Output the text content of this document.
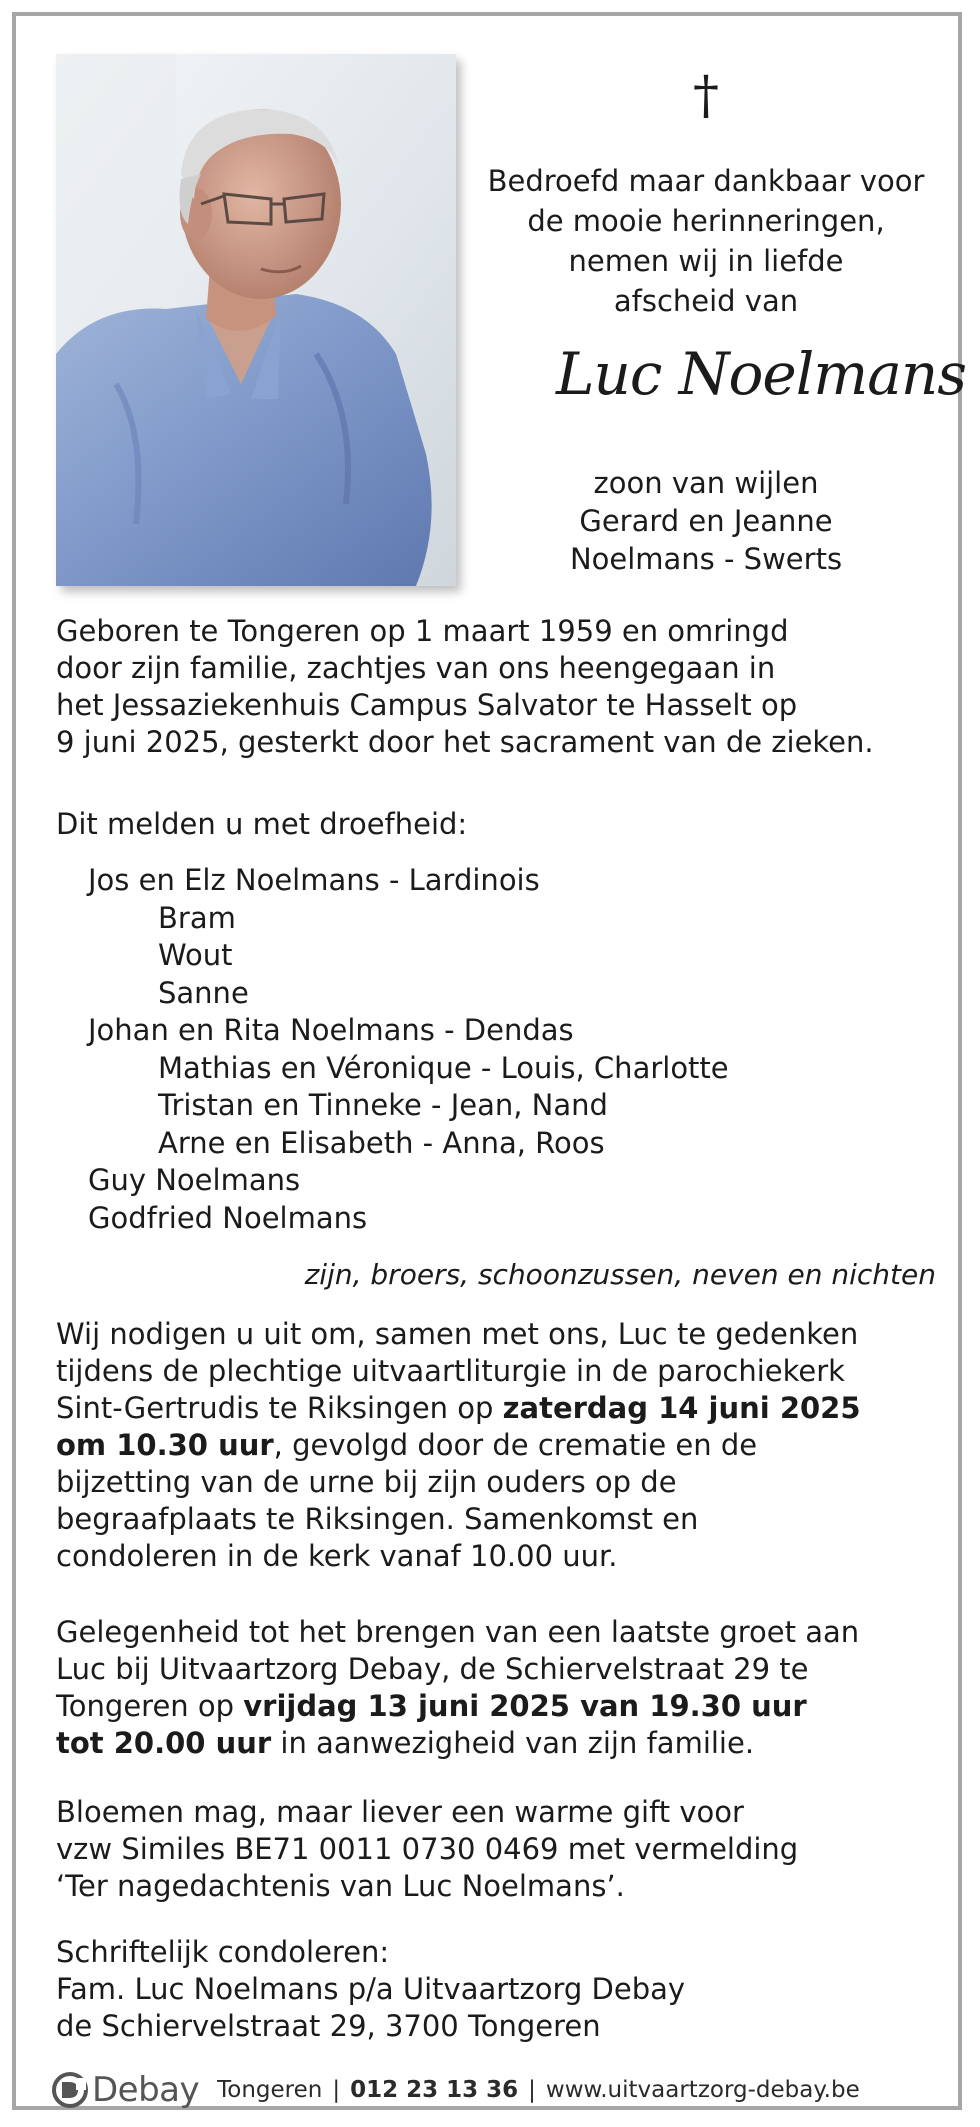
†
Bedroefd maar dankbaar voor
de mooie herinneringen,
nemen wij in liefde
afscheid van
Luc Noelmans
zoon van wijlen
Gerard en Jeanne
Noelmans - Swerts
Geboren te Tongeren op 1 maart 1959 en omringd
door zijn familie, zachtjes van ons heengegaan in
het Jessaziekenhuis Campus Salvator te Hasselt op
9 juni 2025, gesterkt door het sacrament van de zieken.
Dit melden u met droefheid:
Jos en Elz Noelmans - Lardinois
Bram
Wout
Sanne
Johan en Rita Noelmans - Dendas
Mathias en Véronique - Louis, Charlotte
Tristan en Tinneke - Jean, Nand
Arne en Elisabeth - Anna, Roos
Guy Noelmans
Godfried Noelmans
zijn, broers, schoonzussen, neven en nichten
Wij nodigen u uit om, samen met ons, Luc te gedenken
tijdens de plechtige uitvaartliturgie in de parochiekerk
Sint-Gertrudis te Riksingen op zaterdag 14 juni 2025
om 10.30 uur, gevolgd door de crematie en de
bijzetting van de urne bij zijn ouders op de
begraafplaats te Riksingen. Samenkomst en
condoleren in de kerk vanaf 10.00 uur.
Gelegenheid tot het brengen van een laatste groet aan
Luc bij Uitvaartzorg Debay, de Schiervelstraat 29 te
Tongeren op vrijdag 13 juni 2025 van 19.30 uur
tot 20.00 uur in aanwezigheid van zijn familie.
Bloemen mag, maar liever een warme gift voor
vzw Similes BE71 0011 0730 0469 met vermelding
‘Ter nagedachtenis van Luc Noelmans’.
Schriftelijk condoleren:
Fam. Luc Noelmans p/a Uitvaartzorg Debay
de Schiervelstraat 29, 3700 Tongeren
Debay Tongeren | 012 23 13 36 | www.uitvaartzorg-debay.be
